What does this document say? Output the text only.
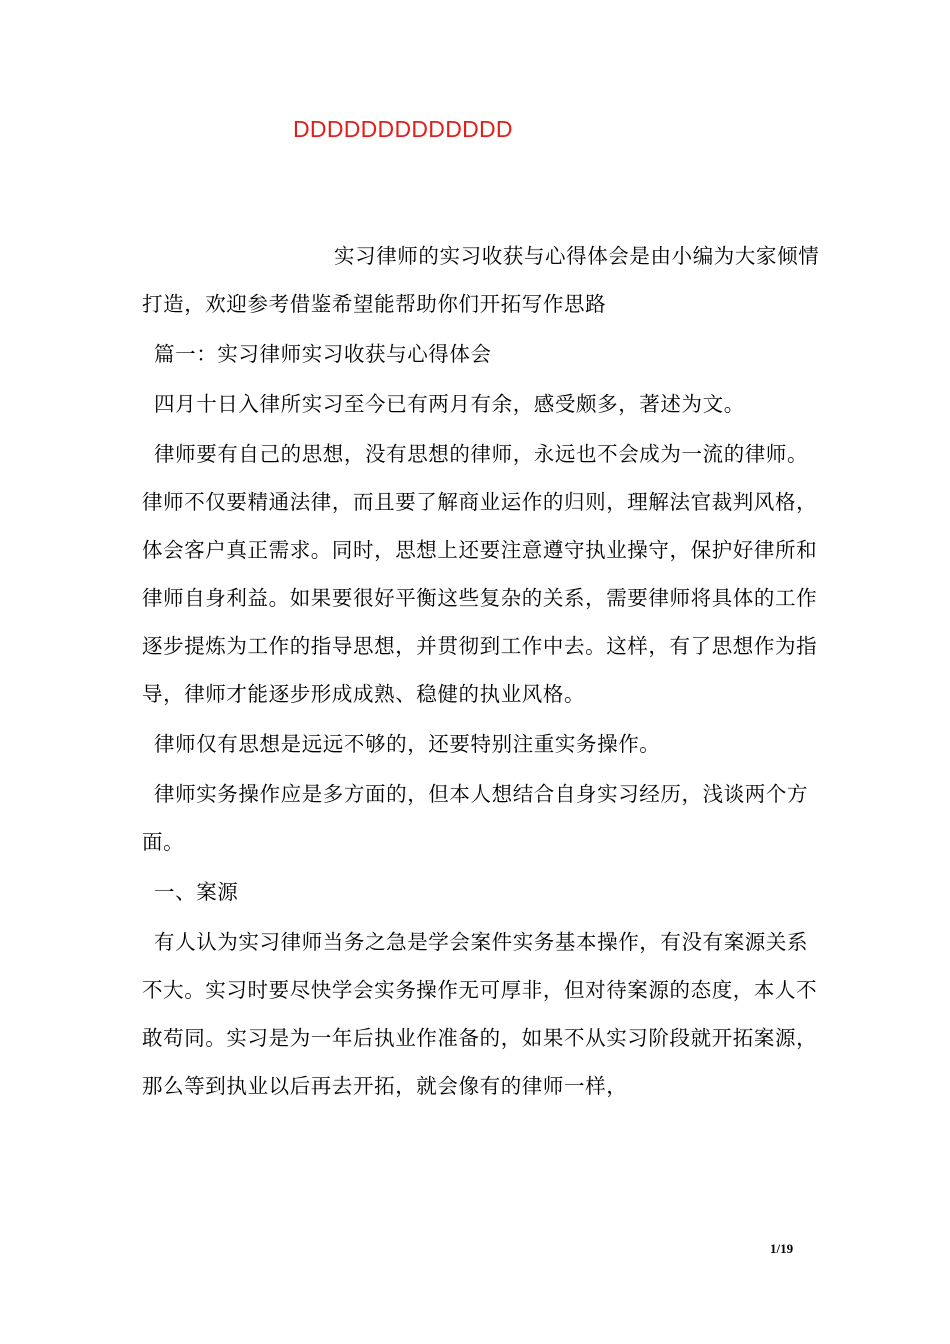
DDDDDDDDDDDDD

实习律师的实习收获与心得体会是由小编为大家倾情打造，欢迎参考借鉴希望能帮助你们开拓写作思路

篇一：实习律师实习收获与心得体会

四月十日入律所实习至今已有两月有余，感受颇多，著述为文。

律师要有自己的思想，没有思想的律师，永远也不会成为一流的律师。律师不仅要精通法律，而且要了解商业运作的归则，理解法官裁判风格，体会客户真正需求。同时，思想上还要注意遵守执业操守，保护好律所和律师自身利益。如果要很好平衡这些复杂的关系，需要律师将具体的工作逐步提炼为工作的指导思想，并贯彻到工作中去。这样，有了思想作为指导，律师才能逐步形成成熟、稳健的执业风格。

律师仅有思想是远远不够的，还要特别注重实务操作。

律师实务操作应是多方面的，但本人想结合自身实习经历，浅谈两个方面。

一、案源

有人认为实习律师当务之急是学会案件实务基本操作，有没有案源关系不大。实习时要尽快学会实务操作无可厚非，但对待案源的态度，本人不敢苟同。实习是为一年后执业作准备的，如果不从实习阶段就开拓案源，那么等到执业以后再去开拓，就会像有的律师一样，

1/19
